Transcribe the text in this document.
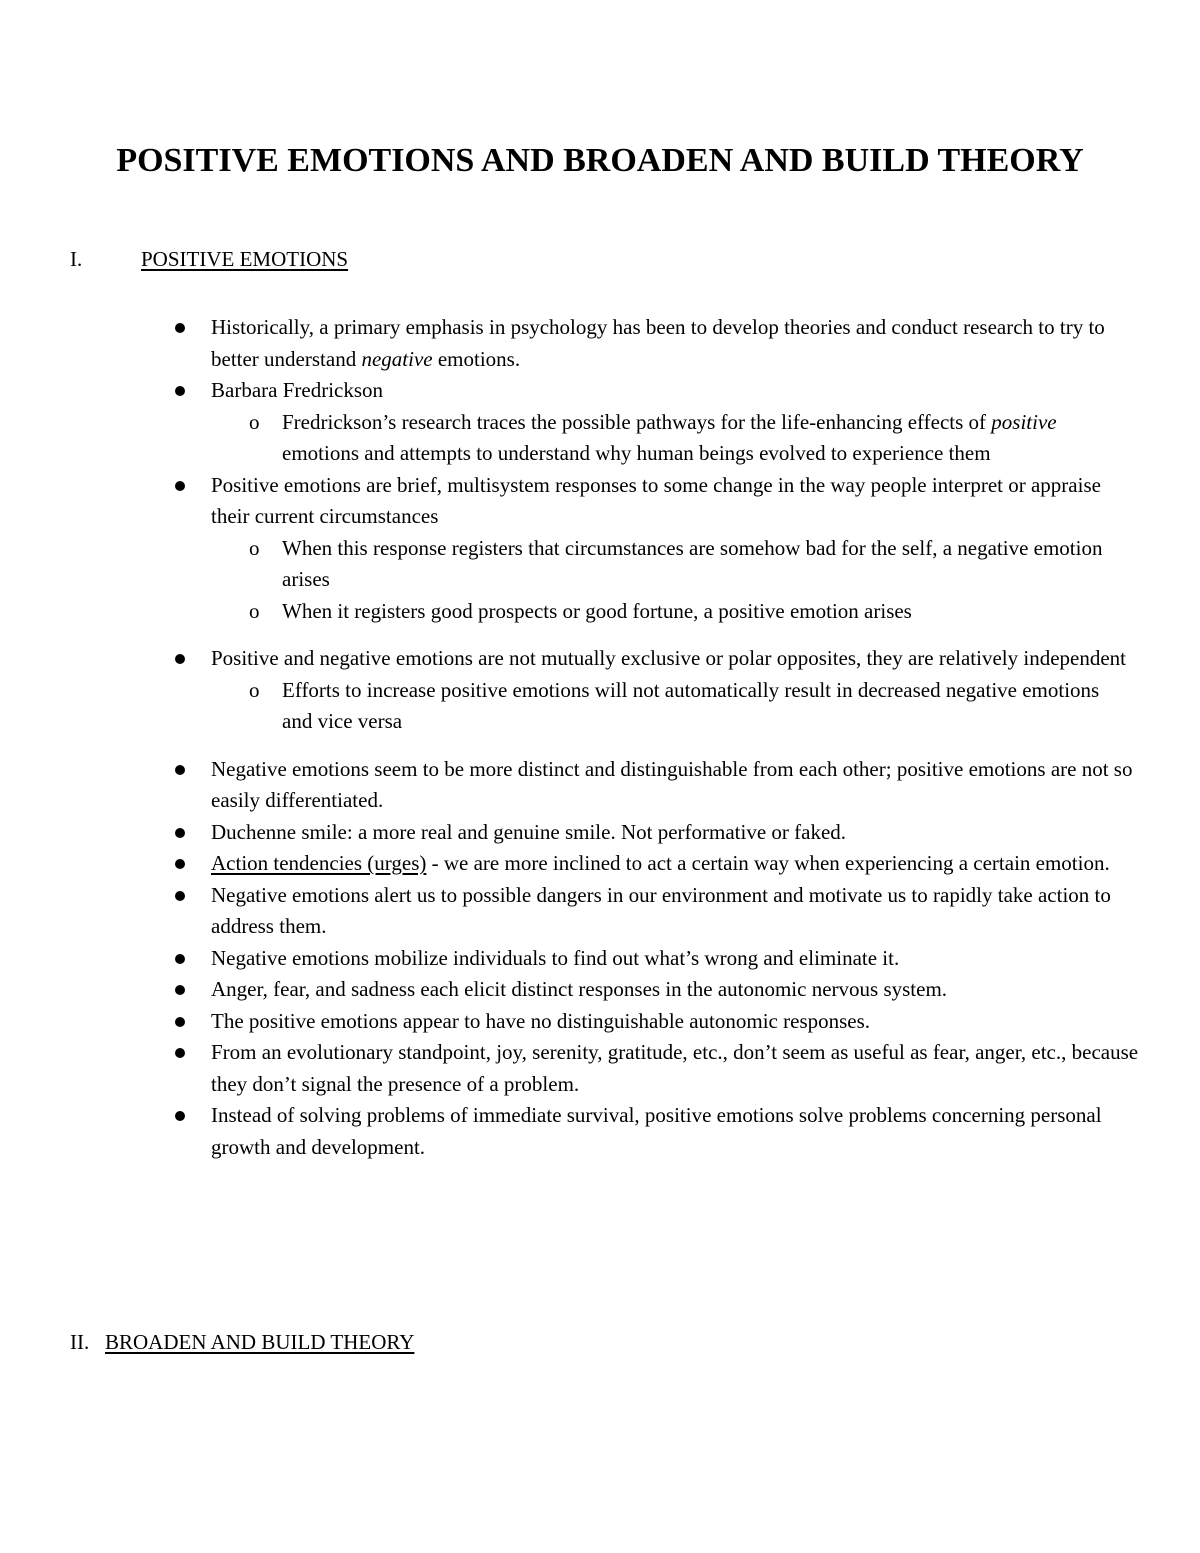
POSITIVE EMOTIONS AND BROADEN AND BUILD THEORY
I.	POSITIVE EMOTIONS
Historically, a primary emphasis in psychology has been to develop theories and conduct research to try to better understand negative emotions.
Barbara Fredrickson
o Fredrickson’s research traces the possible pathways for the life-enhancing effects of positive emotions and attempts to understand why human beings evolved to experience them
Positive emotions are brief, multisystem responses to some change in the way people interpret or appraise their current circumstances
o When this response registers that circumstances are somehow bad for the self, a negative emotion arises
o When it registers good prospects or good fortune, a positive emotion arises
Positive and negative emotions are not mutually exclusive or polar opposites, they are relatively independent
o Efforts to increase positive emotions will not automatically result in decreased negative emotions and vice versa
Negative emotions seem to be more distinct and distinguishable from each other; positive emotions are not so easily differentiated.
Duchenne smile: a more real and genuine smile. Not performative or faked.
Action tendencies (urges) - we are more inclined to act a certain way when experiencing a certain emotion.
Negative emotions alert us to possible dangers in our environment and motivate us to rapidly take action to address them.
Negative emotions mobilize individuals to find out what’s wrong and eliminate it.
Anger, fear, and sadness each elicit distinct responses in the autonomic nervous system.
The positive emotions appear to have no distinguishable autonomic responses.
From an evolutionary standpoint, joy, serenity, gratitude, etc., don’t seem as useful as fear, anger, etc., because they don’t signal the presence of a problem.
Instead of solving problems of immediate survival, positive emotions solve problems concerning personal growth and development.
II. BROADEN AND BUILD THEORY
